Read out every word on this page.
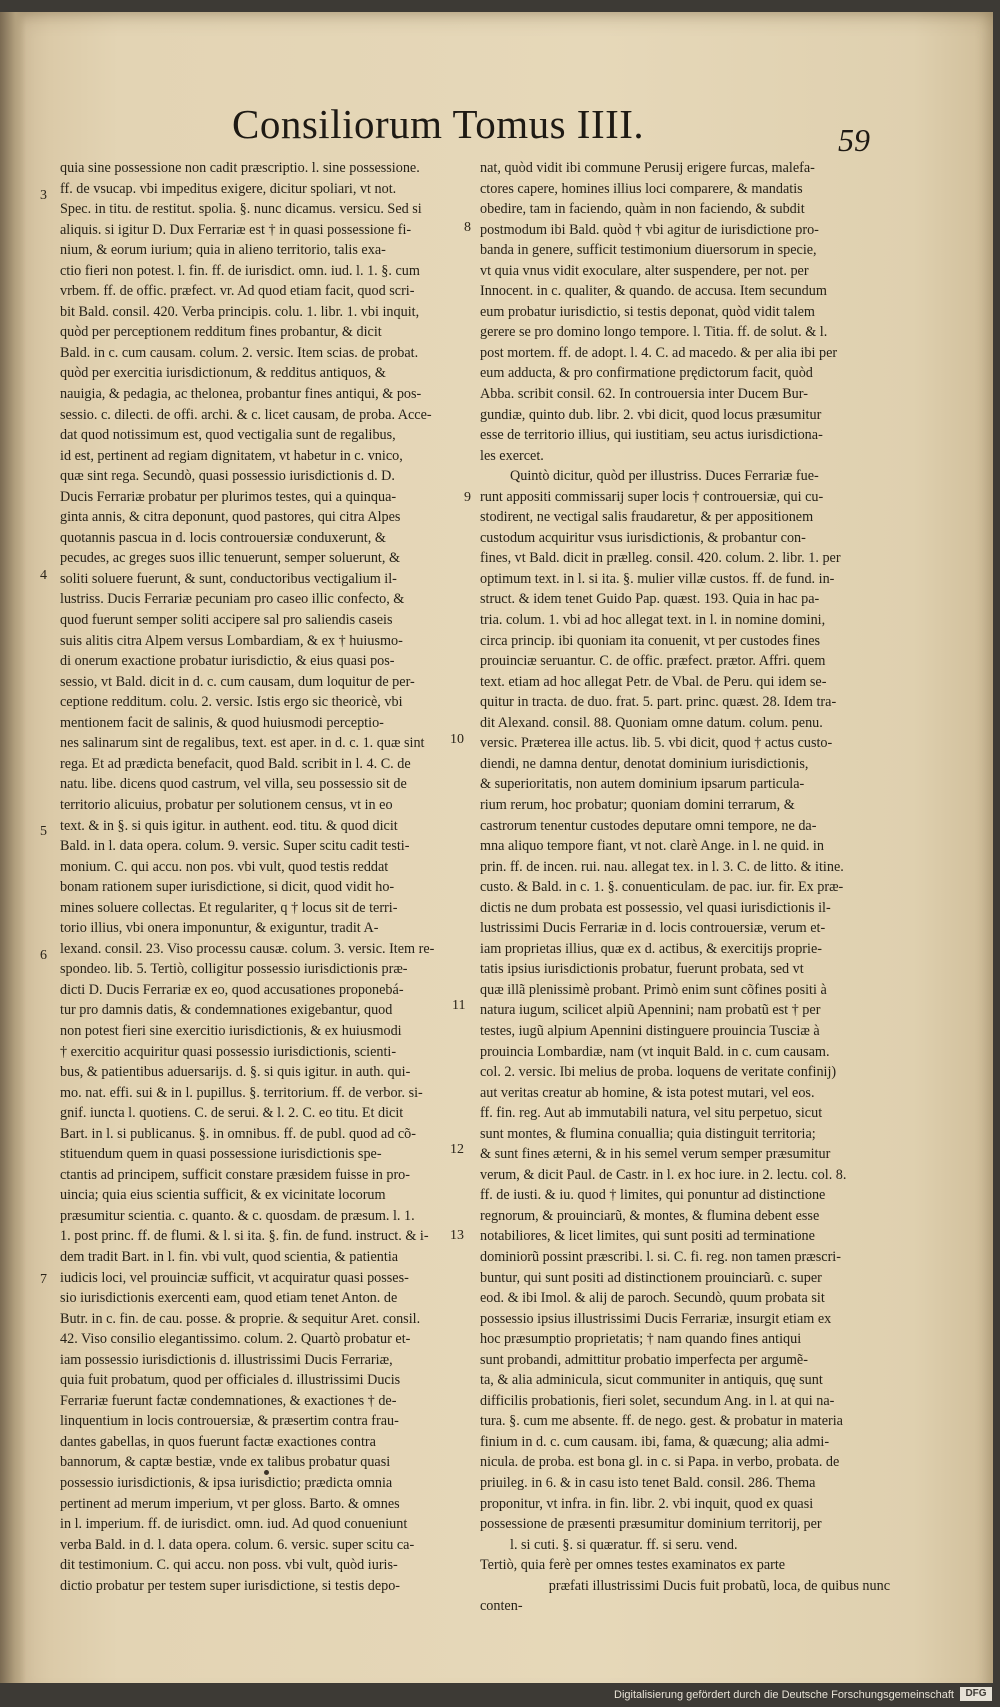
Consiliorum Tomus IIII.	59
quia sine possessione non cadit præscriptio. l. sine possessione.
ff. de vsucap. vbi impeditus exigere, dicitur spoliari, vt not.
Spec. in titu. de restitut. spolia. §. nunc dicamus. versicu. Sed si
aliquis. si igitur D. Dux Ferrariæ est † in quasi possessione fi-
nium, & eorum iurium; quia in alieno territorio, talis exa-
ctio fieri non potest. l. fin. ff. de iurisdict. omn. iud. l. 1. §. cum
vrbem. ff. de offic. præfect. vr. Ad quod etiam facit, quod scri-
bit Bald. consil. 420. Verba principis. colu. 1. libr. 1. vbi inquit,
quòd per perceptionem redditum fines probantur, & dicit
Bald. in c. cum causam. colum. 2. versic. Item scias. de probat.
quòd per exercitia iurisdictionum, & redditus antiquos, &
nauigia, & pedagia, ac thelonea, probantur fines antiqui, & pos-
sessio. c. dilecti. de offi. archi. & c. licet causam, de proba. Acce-
dat quod notissimum est, quod vectigalia sunt de regalibus,
id est, pertinent ad regiam dignitatem, vt habetur in c. vnico,
quæ sint rega. Secundò, quasi possessio iurisdictionis d. D.
Ducis Ferrariæ probatur per plurimos testes, qui a quinqua-
ginta annis, & citra deponunt, quod pastores, qui citra Alpes
quotannis pascua in d. locis controuersiæ conduxerunt, &
pecudes, ac greges suos illic tenuerunt, semper soluerunt, &
soliti soluere fuerunt, & sunt, conductoribus vectigalium il-
lustriss. Ducis Ferrariæ pecuniam pro caseo illic confecto, &
quod fuerunt semper soliti accipere sal pro saliendis caseis
suis alitis citra Alpem versus Lombardiam, & ex † huiusmo-
di onerum exactione probatur iurisdictio, & eius quasi pos-
sessio, vt Bald. dicit in d. c. cum causam, dum loquitur de per-
ceptione redditum. colu. 2. versic. Istis ergo sic theoricè, vbi
mentionem facit de salinis, & quod huiusmodi perceptio-
nes salinarum sint de regalibus, text. est aper. in d. c. 1. quæ sint
rega. Et ad prædicta benefacit, quod Bald. scribit in l. 4. C. de
natu. libe. dicens quod castrum, vel villa, seu possessio sit de
territorio alicuius, probatur per solutionem census, vt in eo
text. & in §. si quis igitur. in authent. eod. titu. & quod dicit
Bald. in l. data opera. colum. 9. versic. Super scitu cadit testi-
monium. C. qui accu. non pos. vbi vult, quod testis reddat
bonam rationem super iurisdictione, si dicit, quod vidit ho-
mines soluere collectas. Et regulariter, q † locus sit de terri-
torio illius, vbi onera imponuntur, & exiguntur, tradit A-
lexand. consil. 23. Viso processu causæ. colum. 3. versic. Item re-
spondeo. lib. 5. Tertiò, colligitur possessio iurisdictionis præ-
dicti D. Ducis Ferrariæ ex eo, quod accusationes proponebá-
tur pro damnis datis, & condemnationes exigebantur, quod
non potest fieri sine exercitio iurisdictionis, & ex huiusmodi
† exercitio acquiritur quasi possessio iurisdictionis, scienti-
bus, & patientibus aduersarijs. d. §. si quis igitur. in auth. qui-
mo. nat. effi. sui & in l. pupillus. §. territorium. ff. de verbor. si-
gnif. iuncta l. quotiens. C. de serui. & l. 2. C. eo titu. Et dicit
Bart. in l. si publicanus. §. in omnibus. ff. de publ. quod ad cõ-
stituendum quem in quasi possessione iurisdictionis spe-
ctantis ad principem, sufficit constare præsidem fuisse in pro-
uincia; quia eius scientia sufficit, & ex vicinitate locorum
præsumitur scientia. c. quanto. & c. quosdam. de præsum. l. 1.
1. post princ. ff. de flumi. & l. si ita. §. fin. de fund. instruct. & i-
dem tradit Bart. in l. fin. vbi vult, quod scientia, & patientia
iudicis loci, vel prouinciæ sufficit, vt acquiratur quasi posses-
sio iurisdictionis exercenti eam, quod etiam tenet Anton. de
Butr. in c. fin. de cau. posse. & proprie. & sequitur Aret. consil.
42. Viso consilio elegantissimo. colum. 2. Quartò probatur et-
iam possessio iurisdictionis d. illustrissimi Ducis Ferrariæ,
quia fuit probatum, quod per officiales d. illustrissimi Ducis
Ferrariæ fuerunt factæ condemnationes, & exactiones † de-
linquentium in locis controuersiæ, & præsertim contra frau-
dantes gabellas, in quos fuerunt factæ exactiones contra
bannorum, & captæ bestiæ, vnde ex talibus probatur quasi
possessio iurisdictionis, & ipsa iurisdictio; prædicta omnia
pertinent ad merum imperium, vt per gloss. Barto. & omnes
in l. imperium. ff. de iurisdict. omn. iud. Ad quod conueniunt
verba Bald. in d. l. data opera. colum. 6. versic. super scitu ca-
dit testimonium. C. qui accu. non poss. vbi vult, quòd iuris-
dictio probatur per testem super iurisdictione, si testis depo-
nat, quòd vidit ibi commune Perusij erigere furcas, malefa-
ctores capere, homines illius loci comparere, & mandatis
obedire, tam in faciendo, quàm in non faciendo, & subdit
postmodum ibi Bald. quòd † vbi agitur de iurisdictione pro-
banda in genere, sufficit testimonium diuersorum in specie,
vt quia vnus vidit exoculare, alter suspendere, per not. per
Innocent. in c. qualiter, & quando. de accusa. Item secundum
eum probatur iurisdictio, si testis deponat, quòd vidit talem
gerere se pro domino longo tempore. l. Titia. ff. de solut. & l.
post mortem. ff. de adopt. l. 4. C. ad macedo. & per alia ibi per
eum adducta, & pro confirmatione prędictorum facit, quòd
Abba. scribit consil. 62. In controuersia inter Ducem Bur-
gundiæ, quinto dub. libr. 2. vbi dicit, quod locus præsumitur
esse de territorio illius, qui iustitiam, seu actus iurisdictiona-
les exercet.
Quintò dicitur, quòd per illustriss. Duces Ferrariæ fue-
runt appositi commissarij super locis † controuersiæ, qui cu-
stodirent, ne vectigal salis fraudaretur, & per appositionem
custodum acquiritur vsus iurisdictionis, & probantur con-
fines, vt Bald. dicit in prælleg. consil. 420. colum. 2. libr. 1. per
optimum text. in l. si ita. §. mulier villæ custos. ff. de fund. in-
struct. & idem tenet Guido Pap. quæst. 193. Quia in hac pa-
tria. colum. 1. vbi ad hoc allegat text. in l. in nomine domini,
circa princip. ibi quoniam ita conuenit, vt per custodes fines
prouinciæ seruantur. C. de offic. præfect. prætor. Affri. quem
text. etiam ad hoc allegat Petr. de Vbal. de Peru. qui idem se-
quitur in tracta. de duo. frat. 5. part. princ. quæst. 28. Idem tra-
dit Alexand. consil. 88. Quoniam omne datum. colum. penu.
versic. Præterea ille actus. lib. 5. vbi dicit, quod † actus custo-
diendi, ne damna dentur, denotat dominium iurisdictionis,
& superioritatis, non autem dominium ipsarum particula-
rium rerum, hoc probatur; quoniam domini terrarum, &
castrorum tenentur custodes deputare omni tempore, ne da-
mna aliquo tempore fiant, vt not. clarè Ange. in l. ne quid. in
prin. ff. de incen. rui. nau. allegat tex. in l. 3. C. de litto. & itine.
custo. & Bald. in c. 1. §. conuenticulam. de pac. iur. fir. Ex præ-
dictis ne dum probata est possessio, vel quasi iurisdictionis il-
lustrissimi Ducis Ferrariæ in d. locis controuersiæ, verum et-
iam proprietas illius, quæ ex d. actibus, & exercitijs proprie-
tatis ipsius iurisdictionis probatur, fuerunt probata, sed vt
quæ illã plenissimè probant. Primò enim sunt cõfines positi à
natura iugum, scilicet alpiũ Apennini; nam probatũ est † per
testes, iugũ alpium Apennini distinguere prouincia Tusciæ à
prouincia Lombardiæ, nam (vt inquit Bald. in c. cum causam.
col. 2. versic. Ibi melius de proba. loquens de veritate confinij)
aut veritas creatur ab homine, & ista potest mutari, vel eos.
ff. fin. reg. Aut ab immutabili natura, vel situ perpetuo, sicut
sunt montes, & flumina conuallia; quia distinguit territoria;
& sunt fines æterni, & in his semel verum semper præsumitur
verum, & dicit Paul. de Castr. in l. ex hoc iure. in 2. lectu. col. 8.
ff. de iusti. & iu. quod † limites, qui ponuntur ad distinctione
regnorum, & prouinciarũ, & montes, & flumina debent esse
notabiliores, & licet limites, qui sunt positi ad terminatione
dominiorũ possint præscribi. l. si. C. fi. reg. non tamen præscri-
buntur, qui sunt positi ad distinctionem prouinciarũ. c. super
eod. & ibi Imol. & alij de paroch. Secundò, quum probata sit
possessio ipsius illustrissimi Ducis Ferrariæ, insurgit etiam ex
hoc præsumptio proprietatis; † nam quando fines antiqui
sunt probandi, admittitur probatio imperfecta per argumẽ-
ta, & alia adminicula, sicut communiter in antiquis, quę sunt
difficilis probationis, fieri solet, secundum Ang. in l. at qui na-
tura. §. cum me absente. ff. de nego. gest. & probatur in materia
finium in d. c. cum causam. ibi, fama, & quæcung; alia admi-
nicula. de proba. est bona gl. in c. si Papa. in verbo, probata. de
priuileg. in 6. & in casu isto tenet Bald. consil. 286. Thema
proponitur, vt infra. in fin. libr. 2. vbi inquit, quod ex quasi
possessione de præsenti præsumitur dominium territorij, per
l. si cuti. §. si quæratur. ff. si seru. vend.
Tertiò, quia ferè per omnes testes examinatos ex parte
præfati illustrissimi Ducis fuit probatũ, loca, de quibus nunc
conten-
3
4
5
6
7
8
9
10
11
12
13
Digitalisierung gefördert durch die Deutsche Forschungsgemeinschaft	DFG
